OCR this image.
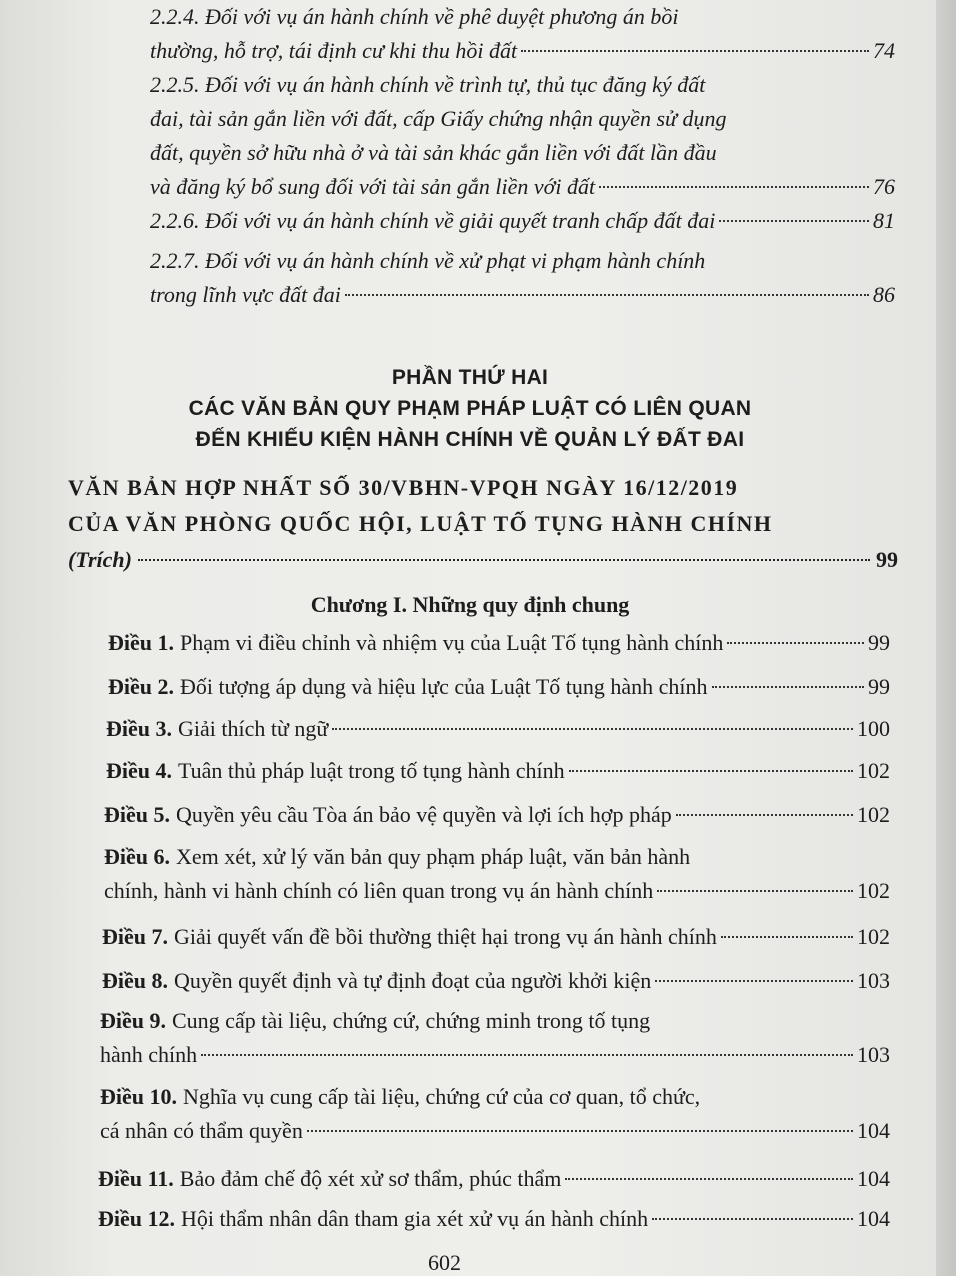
2.2.4. Đối với vụ án hành chính về phê duyệt phương án bồi
thường, hỗ trợ, tái định cư khi thu hồi đất	74
2.2.5. Đối với vụ án hành chính về trình tự, thủ tục đăng ký đất
đai, tài sản gắn liền với đất, cấp Giấy chứng nhận quyền sử dụng
đất, quyền sở hữu nhà ở và tài sản khác gắn liền với đất lần đầu
và đăng ký bổ sung đối với tài sản gắn liền với đất	76
2.2.6. Đối với vụ án hành chính về giải quyết tranh chấp đất đai	81
2.2.7. Đối với vụ án hành chính về xử phạt vi phạm hành chính
trong lĩnh vực đất đai	86
PHẦN THỨ HAI
CÁC VĂN BẢN QUY PHẠM PHÁP LUẬT CÓ LIÊN QUAN
ĐẾN KHIẾU KIỆN HÀNH CHÍNH VỀ QUẢN LÝ ĐẤT ĐAI
VĂN BẢN HỢP NHẤT SỐ 30/VBHN-VPQH NGÀY 16/12/2019
CỦA VĂN PHÒNG QUỐC HỘI, LUẬT TỐ TỤNG HÀNH CHÍNH
(Trích)	99
Chương I. Những quy định chung
Điều 1. Phạm vi điều chỉnh và nhiệm vụ của Luật Tố tụng hành chính	99
Điều 2. Đối tượng áp dụng và hiệu lực của Luật Tố tụng hành chính	99
Điều 3. Giải thích từ ngữ	100
Điều 4. Tuân thủ pháp luật trong tố tụng hành chính	102
Điều 5. Quyền yêu cầu Tòa án bảo vệ quyền và lợi ích hợp pháp	102
Điều 6. Xem xét, xử lý văn bản quy phạm pháp luật, văn bản hành
chính, hành vi hành chính có liên quan trong vụ án hành chính	102
Điều 7. Giải quyết vấn đề bồi thường thiệt hại trong vụ án hành chính	102
Điều 8. Quyền quyết định và tự định đoạt của người khởi kiện	103
Điều 9. Cung cấp tài liệu, chứng cứ, chứng minh trong tố tụng
hành chính	103
Điều 10. Nghĩa vụ cung cấp tài liệu, chứng cứ của cơ quan, tổ chức,
cá nhân có thẩm quyền	104
Điều 11. Bảo đảm chế độ xét xử sơ thẩm, phúc thẩm	104
Điều 12. Hội thẩm nhân dân tham gia xét xử vụ án hành chính	104
602
